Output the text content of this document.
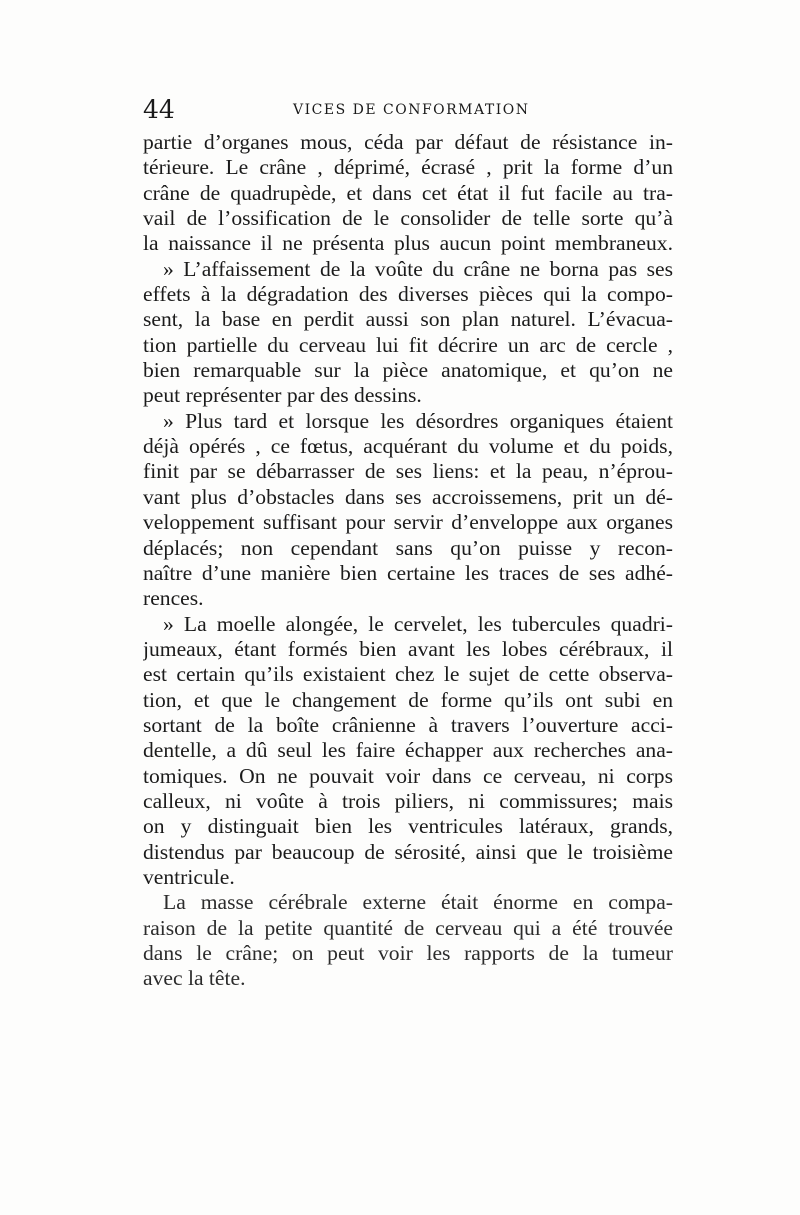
44	VICES DE CONFORMATION
partie d’organes mous, céda par défaut de résistance in-
térieure. Le crâne , déprimé, écrasé , prit la forme d’un
crâne de quadrupède, et dans cet état il fut facile au tra-
vail de l’ossification de le consolider de telle sorte qu’à
la naissance il ne présenta plus aucun point membraneux.
» L’affaissement de la voûte du crâne ne borna pas ses
effets à la dégradation des diverses pièces qui la compo-
sent, la base en perdit aussi son plan naturel. L’évacua-
tion partielle du cerveau lui fit décrire un arc de cercle ,
bien remarquable sur la pièce anatomique, et qu’on ne
peut représenter par des dessins.
» Plus tard et lorsque les désordres organiques étaient
déjà opérés , ce fœtus, acquérant du volume et du poids,
finit par se débarrasser de ses liens: et la peau, n’éprou-
vant plus d’obstacles dans ses accroissemens, prit un dé-
veloppement suffisant pour servir d’enveloppe aux organes
déplacés; non cependant sans qu’on puisse y recon-
naître d’une manière bien certaine les traces de ses adhé-
rences.
» La moelle alongée, le cervelet, les tubercules quadri-
jumeaux, étant formés bien avant les lobes cérébraux, il
est certain qu’ils existaient chez le sujet de cette observa-
tion, et que le changement de forme qu’ils ont subi en
sortant de la boîte crânienne à travers l’ouverture acci-
dentelle, a dû seul les faire échapper aux recherches ana-
tomiques. On ne pouvait voir dans ce cerveau, ni corps
calleux, ni voûte à trois piliers, ni commissures; mais
on y distinguait bien les ventricules latéraux, grands,
distendus par beaucoup de sérosité, ainsi que le troisième
ventricule.
La masse cérébrale externe était énorme en compa-
raison de la petite quantité de cerveau qui a été trouvée
dans le crâne; on peut voir les rapports de la tumeur
avec la tête.
